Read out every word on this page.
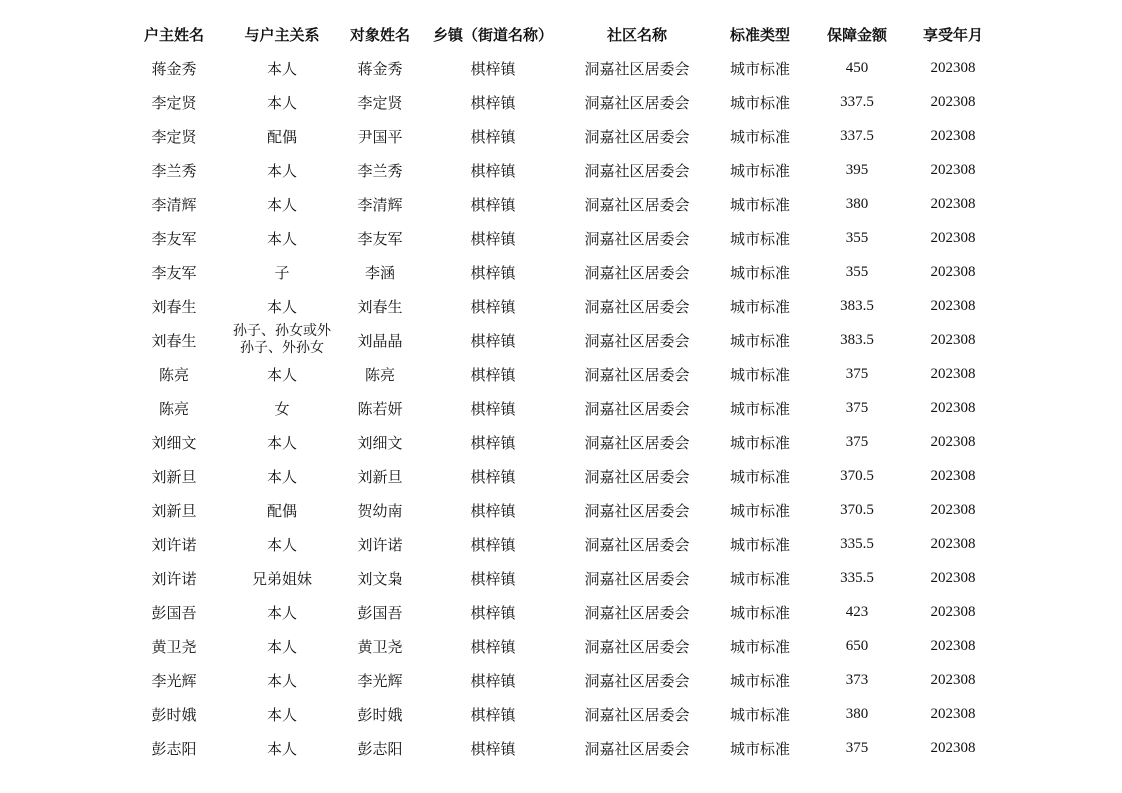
户主姓名	与户主关系	对象姓名	乡镇（街道名称）	社区名称	标准类型	保障金额	享受年月
蒋金秀	本人	蒋金秀	棋梓镇	洞嘉社区居委会	城市标准	450	202308
李定贤	本人	李定贤	棋梓镇	洞嘉社区居委会	城市标准	337.5	202308
李定贤	配偶	尹国平	棋梓镇	洞嘉社区居委会	城市标准	337.5	202308
李兰秀	本人	李兰秀	棋梓镇	洞嘉社区居委会	城市标准	395	202308
李清辉	本人	李清辉	棋梓镇	洞嘉社区居委会	城市标准	380	202308
李友军	本人	李友军	棋梓镇	洞嘉社区居委会	城市标准	355	202308
李友军	子	李涵	棋梓镇	洞嘉社区居委会	城市标准	355	202308
刘春生	本人	刘春生	棋梓镇	洞嘉社区居委会	城市标准	383.5	202308
刘春生	孙子、孙女或外孙子、外孙女	刘晶晶	棋梓镇	洞嘉社区居委会	城市标准	383.5	202308
陈亮	本人	陈亮	棋梓镇	洞嘉社区居委会	城市标准	375	202308
陈亮	女	陈若妍	棋梓镇	洞嘉社区居委会	城市标准	375	202308
刘细文	本人	刘细文	棋梓镇	洞嘉社区居委会	城市标准	375	202308
刘新旦	本人	刘新旦	棋梓镇	洞嘉社区居委会	城市标准	370.5	202308
刘新旦	配偶	贺幼南	棋梓镇	洞嘉社区居委会	城市标准	370.5	202308
刘许诺	本人	刘许诺	棋梓镇	洞嘉社区居委会	城市标准	335.5	202308
刘许诺	兄弟姐妹	刘文枭	棋梓镇	洞嘉社区居委会	城市标准	335.5	202308
彭国吾	本人	彭国吾	棋梓镇	洞嘉社区居委会	城市标准	423	202308
黄卫尧	本人	黄卫尧	棋梓镇	洞嘉社区居委会	城市标准	650	202308
李光辉	本人	李光辉	棋梓镇	洞嘉社区居委会	城市标准	373	202308
彭时娥	本人	彭时娥	棋梓镇	洞嘉社区居委会	城市标准	380	202308
彭志阳	本人	彭志阳	棋梓镇	洞嘉社区居委会	城市标准	375	202308
